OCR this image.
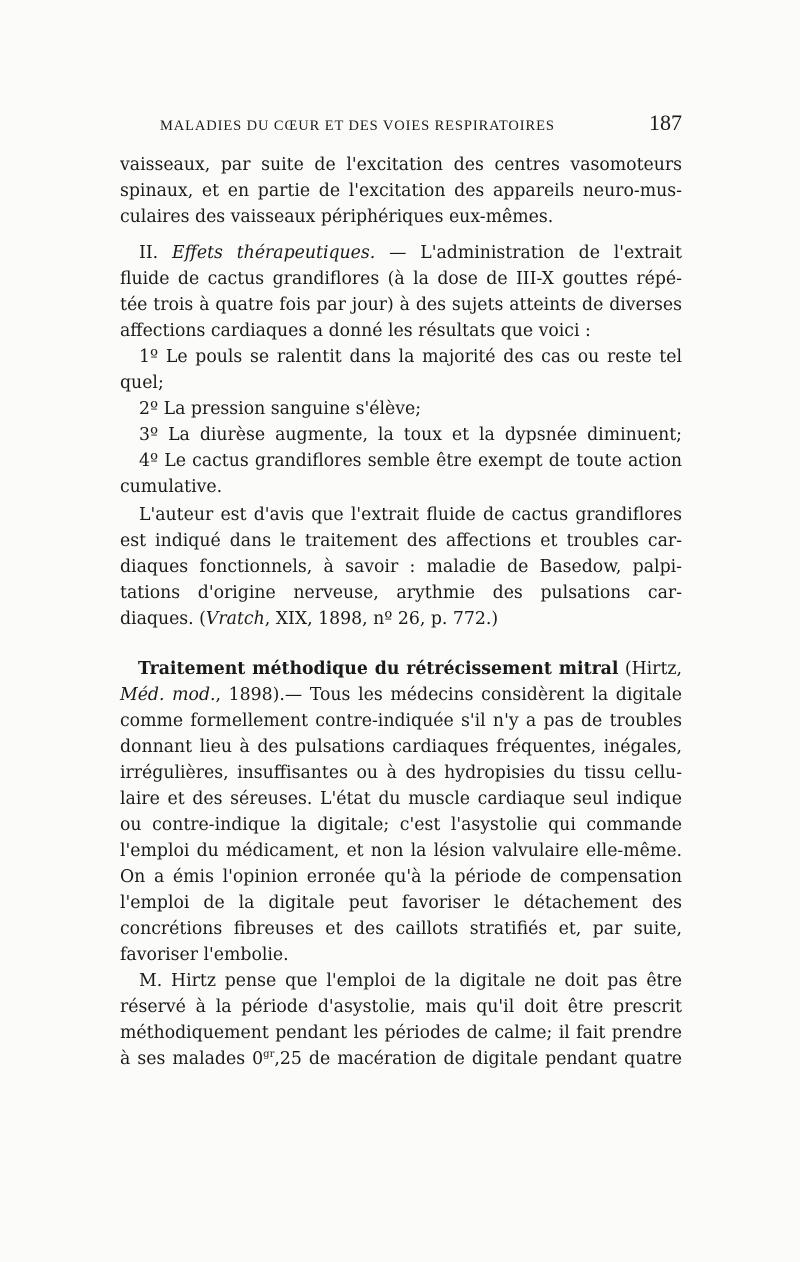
MALADIES DU CŒUR ET DES VOIES RESPIRATOIRES	187
vaisseaux, par suite de l'excitation des centres vasomoteurs
spinaux, et en partie de l'excitation des appareils neuro-mus-
culaires des vaisseaux périphériques eux-mêmes.
II. Effets thérapeutiques. — L'administration de l'extrait
fluide de cactus grandiflores (à la dose de III-X gouttes répé-
tée trois à quatre fois par jour) à des sujets atteints de diverses
affections cardiaques a donné les résultats que voici :
1º Le pouls se ralentit dans la majorité des cas ou reste tel
quel;
2º La pression sanguine s'élève;
3º La diurèse augmente, la toux et la dypsnée diminuent;
4º Le cactus grandiflores semble être exempt de toute action
cumulative.
L'auteur est d'avis que l'extrait fluide de cactus grandiflores
est indiqué dans le traitement des affections et troubles car-
diaques fonctionnels, à savoir : maladie de Basedow, palpi-
tations d'origine nerveuse, arythmie des pulsations car-
diaques. (Vratch, XIX, 1898, nº 26, p. 772.)
Traitement méthodique du rétrécissement mitral (Hirtz,
Méd. mod., 1898).— Tous les médecins considèrent la digitale
comme formellement contre-indiquée s'il n'y a pas de troubles
donnant lieu à des pulsations cardiaques fréquentes, inégales,
irrégulières, insuffisantes ou à des hydropisies du tissu cellu-
laire et des séreuses. L'état du muscle cardiaque seul indique
ou contre-indique la digitale; c'est l'asystolie qui commande
l'emploi du médicament, et non la lésion valvulaire elle-même.
On a émis l'opinion erronée qu'à la période de compensation
l'emploi de la digitale peut favoriser le détachement des
concrétions fibreuses et des caillots stratifiés et, par suite,
favoriser l'embolie.
M. Hirtz pense que l'emploi de la digitale ne doit pas être
réservé à la période d'asystolie, mais qu'il doit être prescrit
méthodiquement pendant les périodes de calme; il fait prendre
à ses malades $0^{gr},25$ de macération de digitale pendant quatre
